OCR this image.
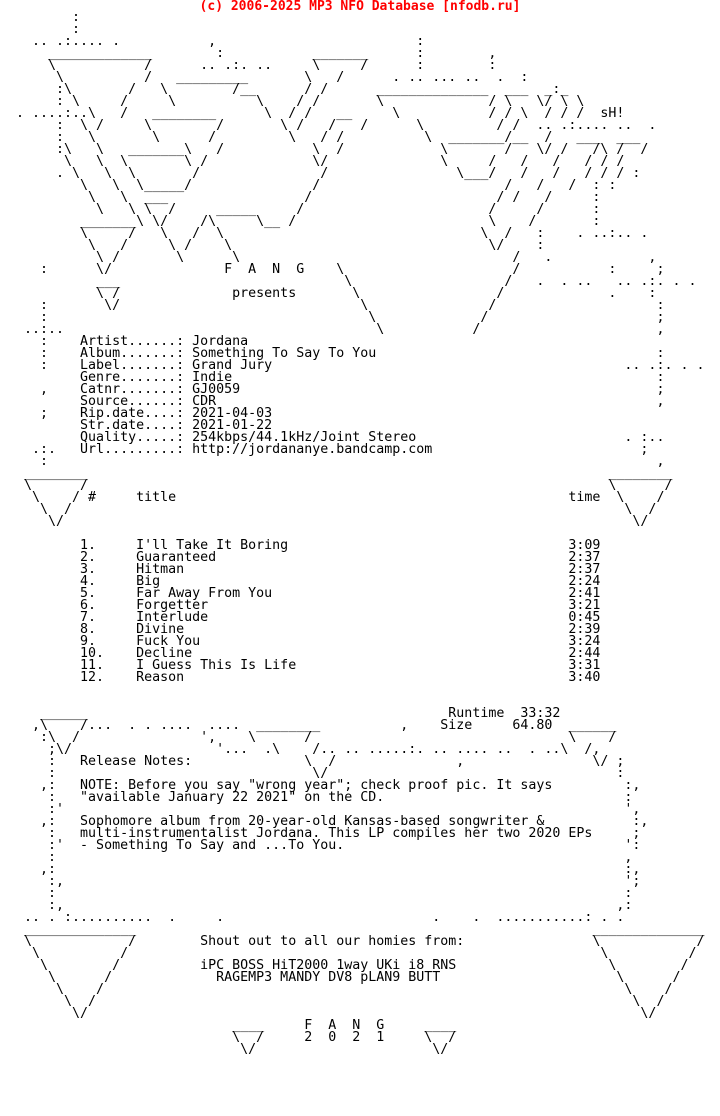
(c) 2006-2025 MP3 NFO Database [nfodb.ru]
:
:
.. .:.... .           ,                         :
_____________        :           _______      :        ,
\           /      .. .:. ..     \     /      :        :
\          /   _________       \   /      . .. ... ..  .  :
:\       /   \        /__      / /      ______________  ___  _:_
: \     /     \          \    / /       \             / \   \/ \ \
. ....:..\   /   ________      \  / /   __     \           / / \  / / /  sH!
:  \ /     \        /       \ /   /   /      \         / /  .. .:.... ..  .
:   \       \      /         \   / /          \  _______/__  /   ___  ___
:\   \   _______\   /           \  /            \       /   \/ /   /\ /  /
\   \  \       \ /             \/              \     /   /   /   / / /
. \   \  \       /               /                \___/   /   /   / / / :
\   \  \_____/               /                       /   /   /  : :
\   \  ___                 /                       / /   /     :
\   \ \  /     _____     /                       /     /      :
_______\ \/    /\     \__ /                        \    /       :
\     /   \   /  \                                \  /   :    . ..:.. .
\   /     \ /    \                                \/    :
\ /       \      \                                  /   .            ,
:      \/              F  A  N  G    \                     /           :     ;
___                            \                   /   .  . ..   .. .:. . .
\ /              presents       \                 /             .    :
:       \/                              \               /                    :
:                                        \             /                     ;
..:..                                       \           /                      ,
:    Artist......: Jordana
:    Album.......: Something To Say To You                                   :
:    Label.......: Grand Jury                                            .. .:. . .
Genre.......: Indie                                                     :
,    Catnr.......: GJ0059                                                    ;
Source......: CDR                                                       ,
;    Rip.date....: 2021-04-03
Str.date....: 2021-01-22
Quality.....: 254kbps/44.1kHz/Joint Stereo                          . :..
.:.   Url.........: http://jordananye.bandcamp.com                          ;
:                                                                            ,
________                                                                 ________
\      /                                                                 \      /
\    / #     title                                                 time  \    /
\  /                                                                     \  /
\/                                                                       \/

1.     I'll Take It Boring                                   3:09
2.     Guaranteed                                            2:37
3.     Hitman                                                2:37
4.     Big                                                   2:24
5.     Far Away From You                                     2:41
6.     Forgetter                                             3:21
7.     Interlude                                             0:45
8.     Divine                                                2:39
9.     Fuck You                                              3:24
10.    Decline                                               2:44
11.    I Guess This Is Life                                  3:31
12.    Reason                                                3:40

______                                             Runtime  33:32
,\    /...  . . ....  ....  ________          ,    Size     64.80  ______
:\  /               ',    \      /                                \    /
;\/                  '...  .\    /.. .. .....:. .. .... ..  . ..\  /,
:   Release Notes:              \  /               ,                \/ ;
:                                \/                                    :
,:   NOTE: Before you say "wrong year"; check proof pic. It says         :,
:   "available January 22 2021" on the CD.                              :
:'                                                                      ',
,:   Sophomore album from 20-year-old Kansas-based songwriter &           :,
:   multi-instrumentalist Jordana. This LP compiles her two 2020 EPs     ;
:'  - Something To Say and ...To You.                                   ':
:                                                                       ,
,:                                                                       :,
:,                                                                      ';
:                                                                       :
:,                                                                     ,:
.. . :..........  .     .                          .    .  ...........: . .
______________                                                         ______________
\            /        Shout out to all our homies from:                \            /
\          /                                                           \          /
\        /          iPC BOSS HiT2000 1way UKi i8 RNS                   \        /
\      /             RAGEMP3 MANDY DV8 pLAN9 BUTT                      \      /
\    /                                                                 \    /
\  /                                                                   \  /
\/                                                                     \/
____     F  A  N  G     ____
\  /     2  0  2  1     \  /
\/                      \/
